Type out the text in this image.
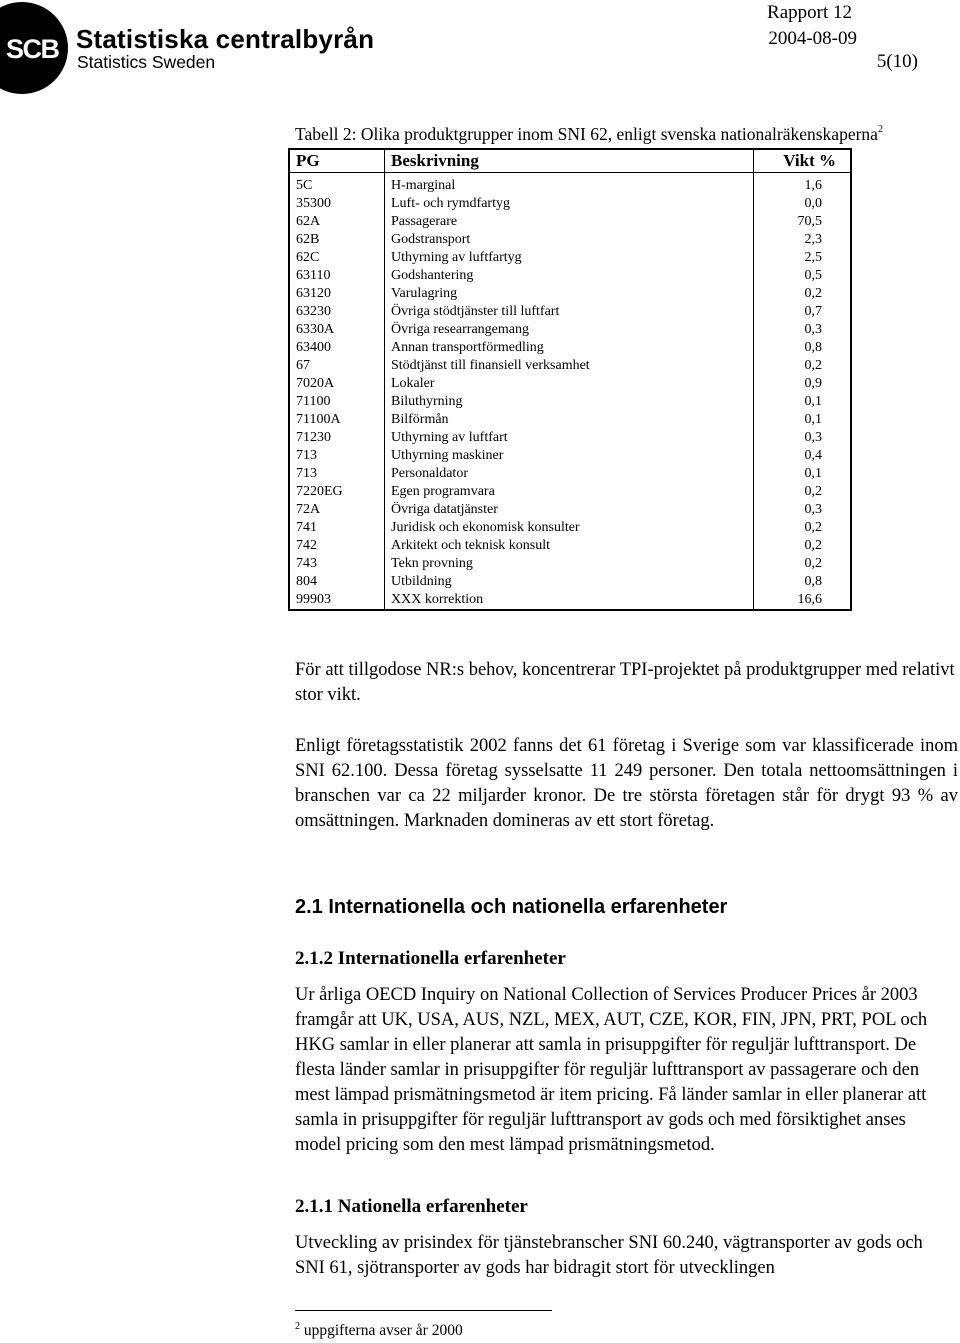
SCB Statistiska centralbyrån
Statistics Sweden
Rapport 12
2004-08-09
5(10)
Tabell 2: Olika produktgrupper inom SNI 62, enligt svenska nationalräkenskaperna$^2$
PG	Beskrivning	Vikt %
5C	H-marginal	1,6
35300	Luft- och rymdfartyg	0,0
62A	Passagerare	70,5
62B	Godstransport	2,3
62C	Uthyrning av luftfartyg	2,5
63110	Godshantering	0,5
63120	Varulagring	0,2
63230	Övriga stödtjänster till luftfart	0,7
6330A	Övriga researrangemang	0,3
63400	Annan transportförmedling	0,8
67	Stödtjänst till finansiell verksamhet	0,2
7020A	Lokaler	0,9
71100	Biluthyrning	0,1
71100A	Bilförmån	0,1
71230	Uthyrning av luftfart	0,3
713	Uthyrning maskiner	0,4
713	Personaldator	0,1
7220EG	Egen programvara	0,2
72A	Övriga datatjänster	0,3
741	Juridisk och ekonomisk konsulter	0,2
742	Arkitekt och teknisk konsult	0,2
743	Tekn provning	0,2
804	Utbildning	0,8
99903	XXX korrektion	16,6

För att tillgodose NR:s behov, koncentrerar TPI-projektet på produktgrupper med relativt stor vikt.

Enligt företagsstatistik 2002 fanns det 61 företag i Sverige som var klassificerade inom SNI 62.100. Dessa företag sysselsatte 11 249 personer. Den totala nettoomsättningen i branschen var ca 22 miljarder kronor. De tre största företagen står för drygt 93 % av omsättningen. Marknaden domineras av ett stort företag.

2.1 Internationella och nationella erfarenheter
2.1.2 Internationella erfarenheter

Ur årliga OECD Inquiry on National Collection of Services Producer Prices år 2003 framgår att UK, USA, AUS, NZL, MEX, AUT, CZE, KOR, FIN, JPN, PRT, POL och HKG samlar in eller planerar att samla in prisuppgifter för reguljär lufttransport. De flesta länder samlar in prisuppgifter för reguljär lufttransport av passagerare och den mest lämpad prismätningsmetod är item pricing. Få länder samlar in eller planerar att samla in prisuppgifter för reguljär lufttransport av gods och med försiktighet anses model pricing som den mest lämpad prismätningsmetod.

2.1.1 Nationella erfarenheter

Utveckling av prisindex för tjänstebranscher SNI 60.240, vägtransporter av gods och SNI 61, sjötransporter av gods har bidragit stort för utvecklingen

$^2$ uppgifterna avser år 2000
